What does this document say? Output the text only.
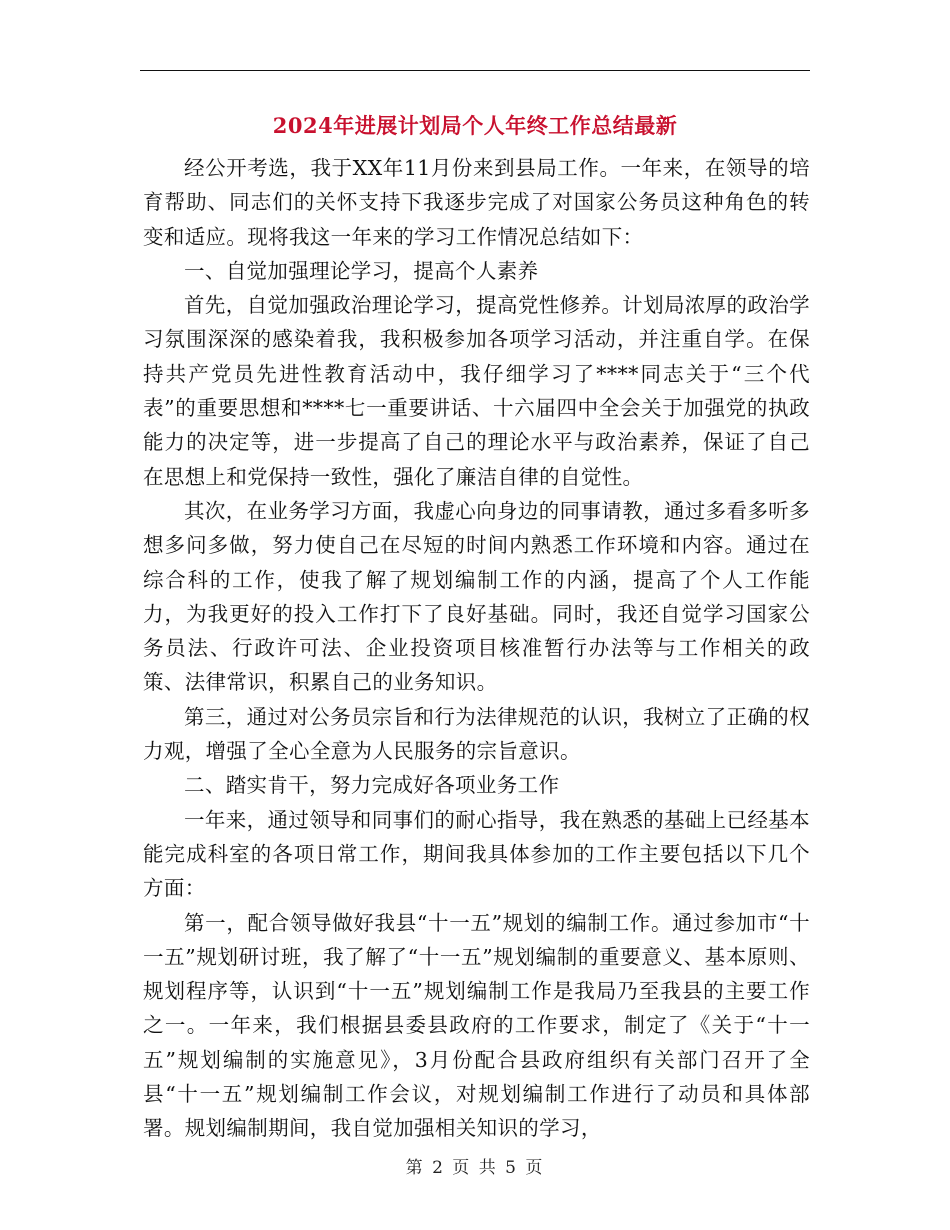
2024年进展计划局个人年终工作总结最新

经公开考选，我于XX年11月份来到县局工作。一年来，在领导的培育帮助、同志们的关怀支持下我逐步完成了对国家公务员这种角色的转变和适应。现将我这一年来的学习工作情况总结如下：

一、自觉加强理论学习，提高个人素养

首先，自觉加强政治理论学习，提高党性修养。计划局浓厚的政治学习氛围深深的感染着我，我积极参加各项学习活动，并注重自学。在保持共产党员先进性教育活动中，我仔细学习了****同志关于“三个代表”的重要思想和****七一重要讲话、十六届四中全会关于加强党的执政能力的决定等，进一步提高了自己的理论水平与政治素养，保证了自己在思想上和党保持一致性，强化了廉洁自律的自觉性。

其次，在业务学习方面，我虚心向身边的同事请教，通过多看多听多想多问多做，努力使自己在尽短的时间内熟悉工作环境和内容。通过在综合科的工作，使我了解了规划编制工作的内涵，提高了个人工作能力，为我更好的投入工作打下了良好基础。同时，我还自觉学习国家公务员法、行政许可法、企业投资项目核准暂行办法等与工作相关的政策、法律常识，积累自己的业务知识。

第三，通过对公务员宗旨和行为法律规范的认识，我树立了正确的权力观，增强了全心全意为人民服务的宗旨意识。

二、踏实肯干，努力完成好各项业务工作

一年来，通过领导和同事们的耐心指导，我在熟悉的基础上已经基本能完成科室的各项日常工作，期间我具体参加的工作主要包括以下几个方面：

第一，配合领导做好我县“十一五”规划的编制工作。通过参加市“十一五”规划研讨班，我了解了“十一五”规划编制的重要意义、基本原则、规划程序等，认识到“十一五”规划编制工作是我局乃至我县的主要工作之一。一年来，我们根据县委县政府的工作要求，制定了《关于“十一五”规划编制的实施意见》，3月份配合县政府组织有关部门召开了全县“十一五”规划编制工作会议，对规划编制工作进行了动员和具体部署。规划编制期间，我自觉加强相关知识的学习，

第 2 页 共 5 页
